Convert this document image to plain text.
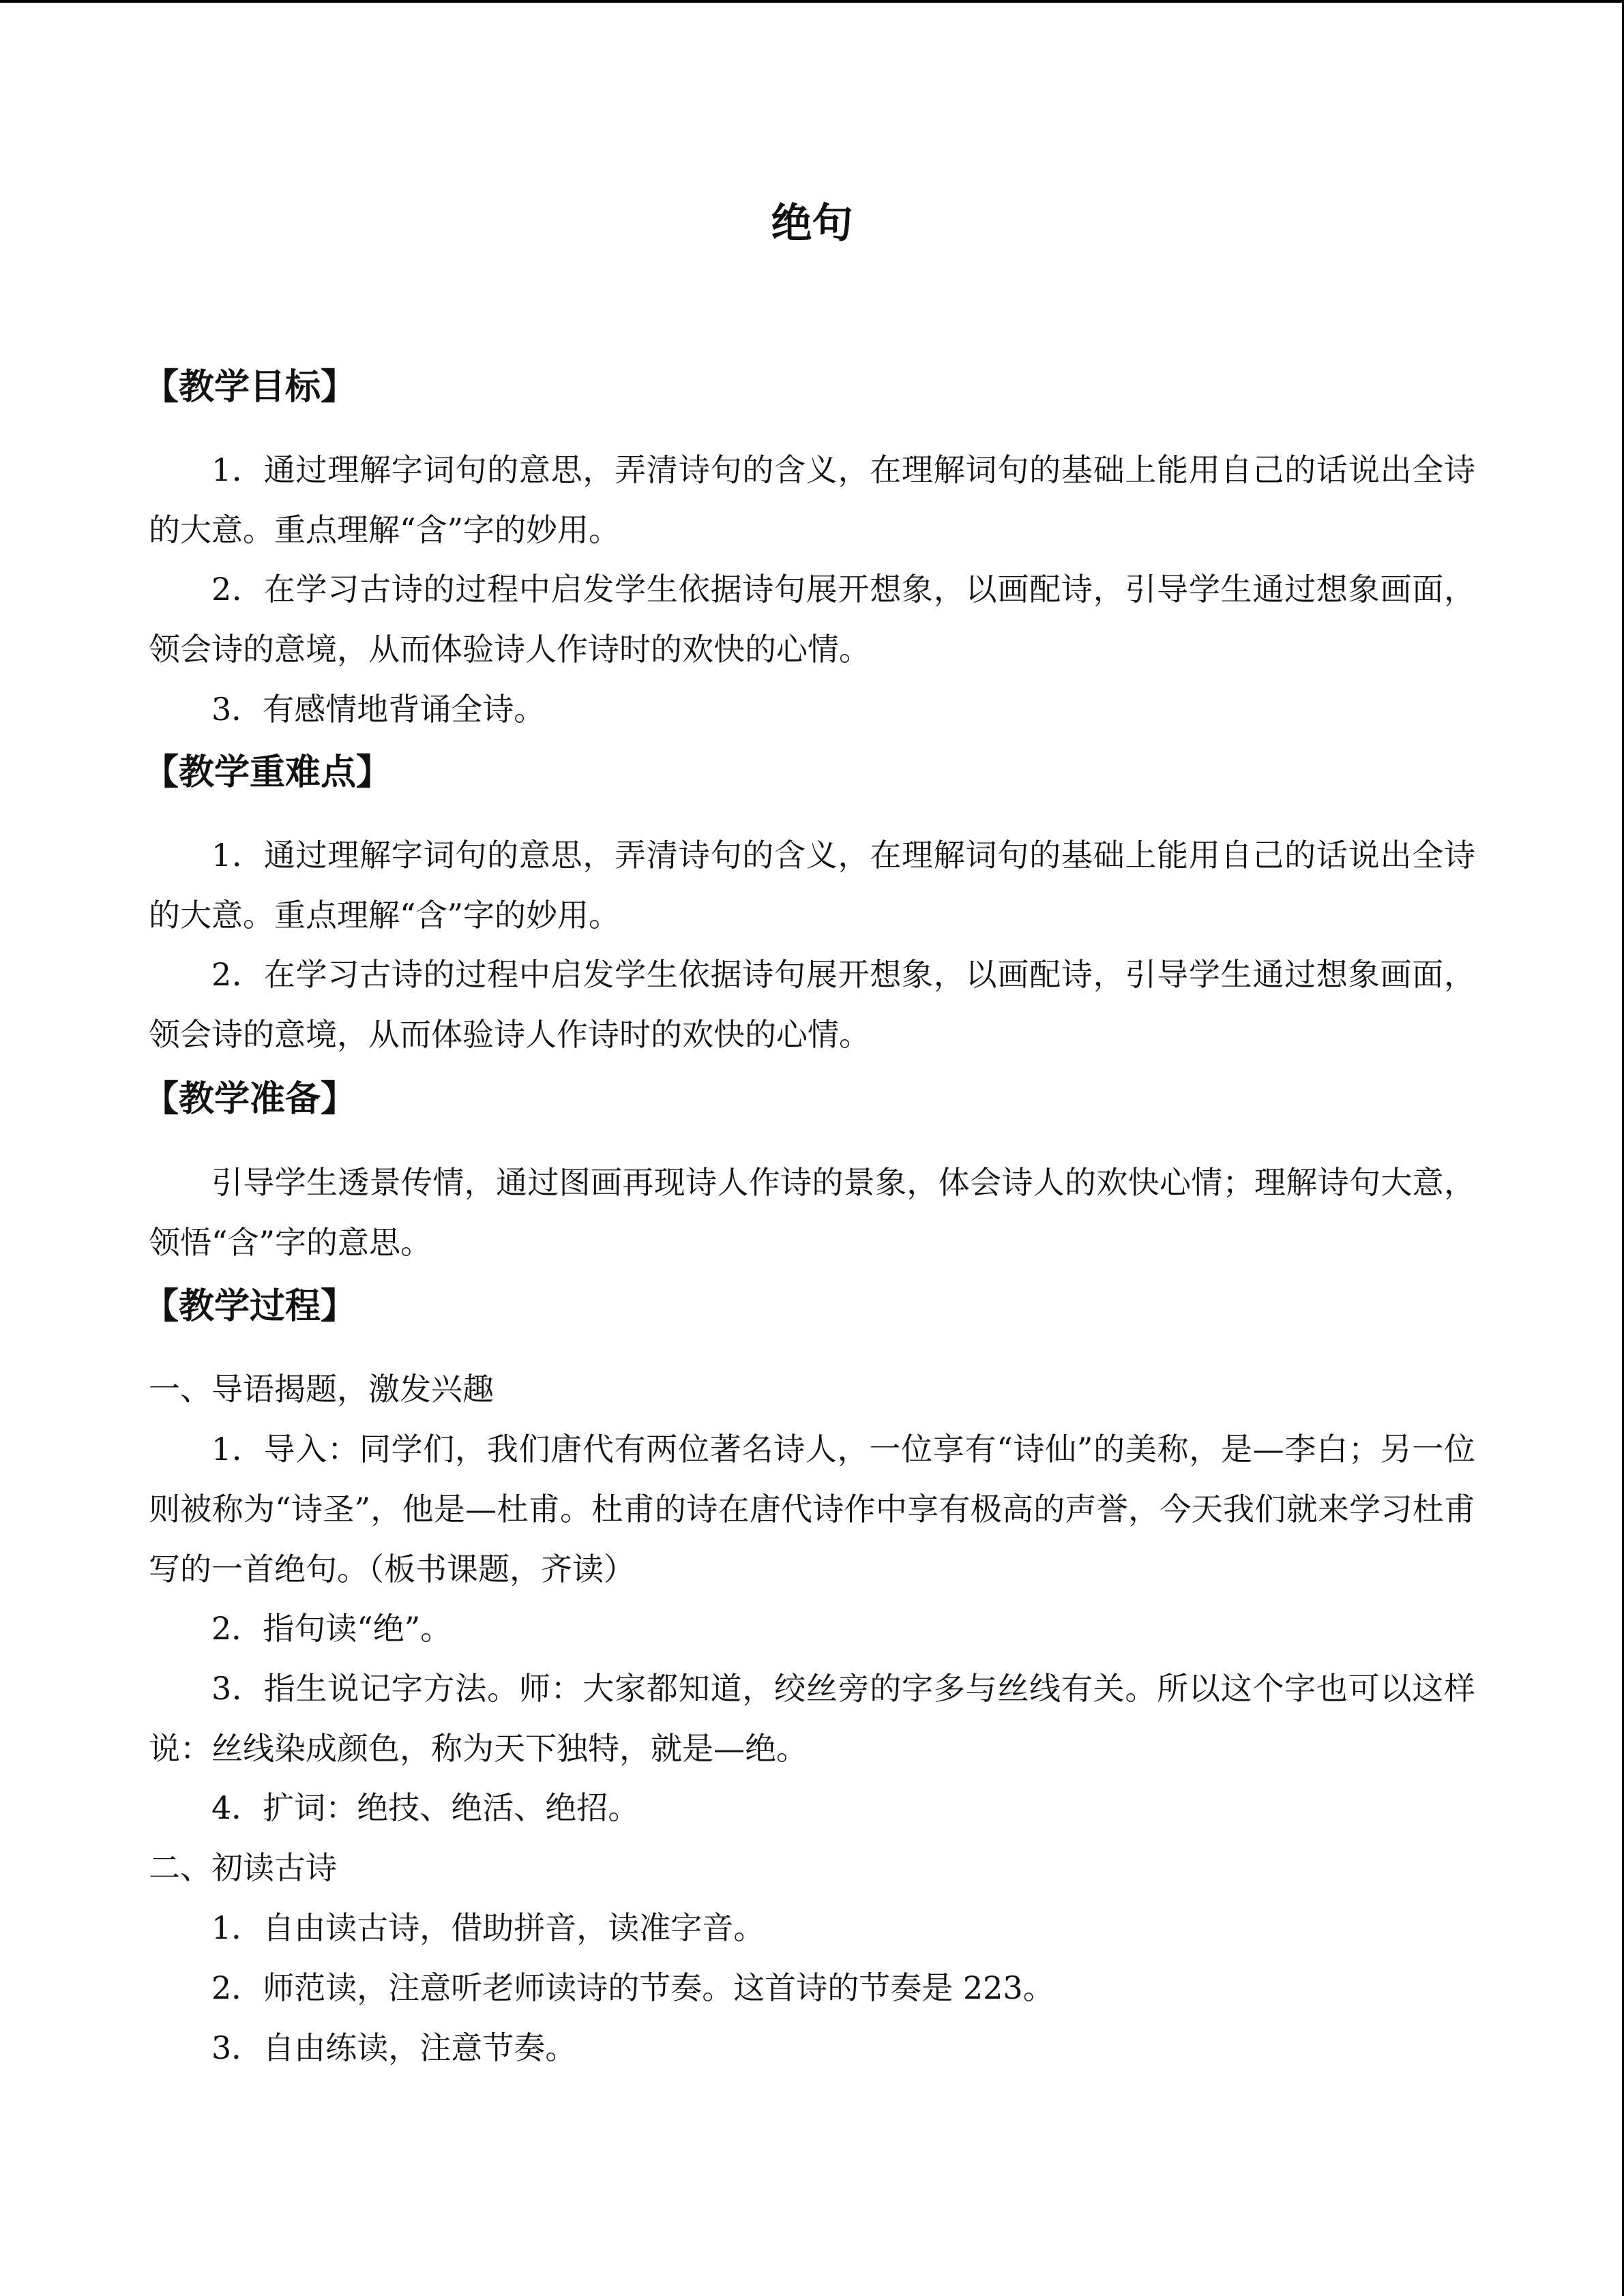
绝句
【教学目标】

1．通过理解字词句的意思，弄清诗句的含义，在理解词句的基础上能用自己的话说出全诗的大意。重点理解“含”字的妙用。

2．在学习古诗的过程中启发学生依据诗句展开想象，以画配诗，引导学生通过想象画面，领会诗的意境，从而体验诗人作诗时的欢快的心情。

3．有感情地背诵全诗。

【教学重难点】

1．通过理解字词句的意思，弄清诗句的含义，在理解词句的基础上能用自己的话说出全诗的大意。重点理解“含”字的妙用。

2．在学习古诗的过程中启发学生依据诗句展开想象，以画配诗，引导学生通过想象画面，领会诗的意境，从而体验诗人作诗时的欢快的心情。

【教学准备】

引导学生透景传情，通过图画再现诗人作诗的景象，体会诗人的欢快心情；理解诗句大意，领悟“含”字的意思。

【教学过程】

一、导语揭题，激发兴趣

1．导入：同学们，我们唐代有两位著名诗人，一位享有“诗仙”的美称，是—李白；另一位则被称为“诗圣”，他是—杜甫。杜甫的诗在唐代诗作中享有极高的声誉，今天我们就来学习杜甫写的一首绝句。（板书课题，齐读）

2．指句读“绝”。

3．指生说记字方法。师：大家都知道，绞丝旁的字多与丝线有关。所以这个字也可以这样说：丝线染成颜色，称为天下独特，就是—绝。

4．扩词：绝技、绝活、绝招。

二、初读古诗

1．自由读古诗，借助拼音，读准字音。

2．师范读，注意听老师读诗的节奏。这首诗的节奏是 223。

3．自由练读，注意节奏。
